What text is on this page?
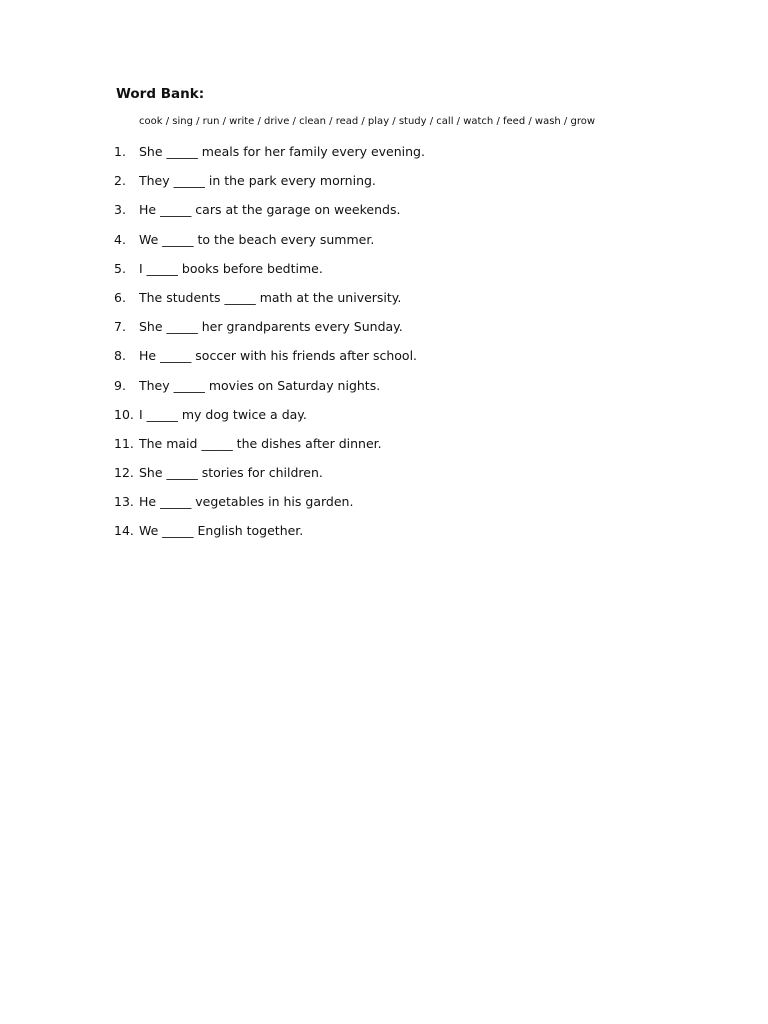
Word Bank:
cook / sing / run / write / drive / clean / read / play / study / call / watch / feed / wash / grow
1. She _____ meals for her family every evening.
2. They _____ in the park every morning.
3. He _____ cars at the garage on weekends.
4. We _____ to the beach every summer.
5. I _____ books before bedtime.
6. The students _____ math at the university.
7. She _____ her grandparents every Sunday.
8. He _____ soccer with his friends after school.
9. They _____ movies on Saturday nights.
10. I _____ my dog twice a day.
11. The maid _____ the dishes after dinner.
12. She _____ stories for children.
13. He _____ vegetables in his garden.
14. We _____ English together.
